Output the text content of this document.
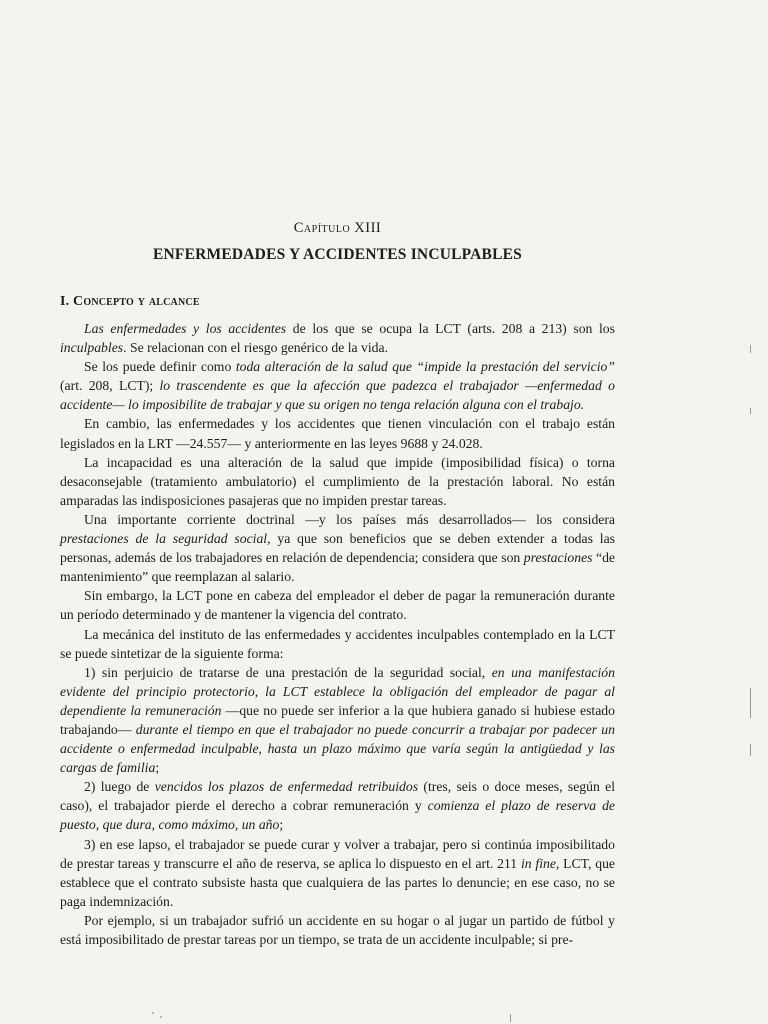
Capítulo XIII
ENFERMEDADES Y ACCIDENTES INCULPABLES
I. Concepto y alcance

Las enfermedades y los accidentes de los que se ocupa la LCT (arts. 208 a 213) son los inculpables. Se relacionan con el riesgo genérico de la vida.

Se los puede definir como toda alteración de la salud que “impide la prestación del servicio” (art. 208, LCT); lo trascendente es que la afección que padezca el trabajador —enfermedad o accidente— lo imposibilite de trabajar y que su origen no tenga relación alguna con el trabajo.

En cambio, las enfermedades y los accidentes que tienen vinculación con el trabajo están legislados en la LRT —24.557— y anteriormente en las leyes 9688 y 24.028.

La incapacidad es una alteración de la salud que impide (imposibilidad física) o torna desaconsejable (tratamiento ambulatorio) el cumplimiento de la prestación laboral. No están amparadas las indisposiciones pasajeras que no impiden prestar tareas.

Una importante corriente doctrinal —y los países más desarrollados— los considera prestaciones de la seguridad social, ya que son beneficios que se deben extender a todas las personas, además de los trabajadores en relación de dependencia; considera que son prestaciones “de mantenimiento” que reemplazan al salario.

Sin embargo, la LCT pone en cabeza del empleador el deber de pagar la remuneración durante un período determinado y de mantener la vigencia del contrato.

La mecánica del instituto de las enfermedades y accidentes inculpables contemplado en la LCT se puede sintetizar de la siguiente forma:

1) sin perjuicio de tratarse de una prestación de la seguridad social, en una manifestación evidente del principio protectorio, la LCT establece la obligación del empleador de pagar al dependiente la remuneración —que no puede ser inferior a la que hubiera ganado si hubiese estado trabajando— durante el tiempo en que el trabajador no puede concurrir a trabajar por padecer un accidente o enfermedad inculpable, hasta un plazo máximo que varía según la antigüedad y las cargas de familia;

2) luego de vencidos los plazos de enfermedad retribuidos (tres, seis o doce meses, según el caso), el trabajador pierde el derecho a cobrar remuneración y comienza el plazo de reserva de puesto, que dura, como máximo, un año;

3) en ese lapso, el trabajador se puede curar y volver a trabajar, pero si continúa imposibilitado de prestar tareas y transcurre el año de reserva, se aplica lo dispuesto en el art. 211 in fine, LCT, que establece que el contrato subsiste hasta que cualquiera de las partes lo denuncie; en ese caso, no se paga indemnización.

Por ejemplo, si un trabajador sufrió un accidente en su hogar o al jugar un partido de fútbol y está imposibilitado de prestar tareas por un tiempo, se trata de un accidente inculpable; si pre-
